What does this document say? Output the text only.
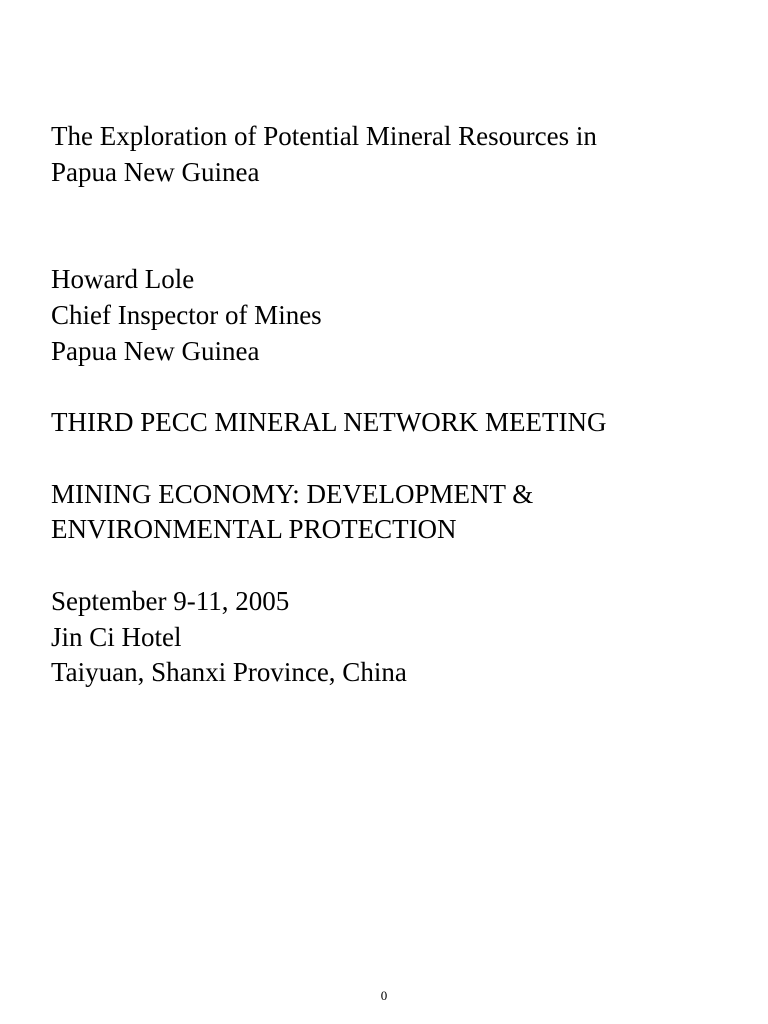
The Exploration of Potential Mineral Resources in
Papua New Guinea
Howard Lole
Chief Inspector of Mines
Papua New Guinea
THIRD PECC MINERAL NETWORK MEETING
MINING ECONOMY: DEVELOPMENT &
ENVIRONMENTAL PROTECTION
September 9-11, 2005
Jin Ci Hotel
Taiyuan, Shanxi Province, China
0
